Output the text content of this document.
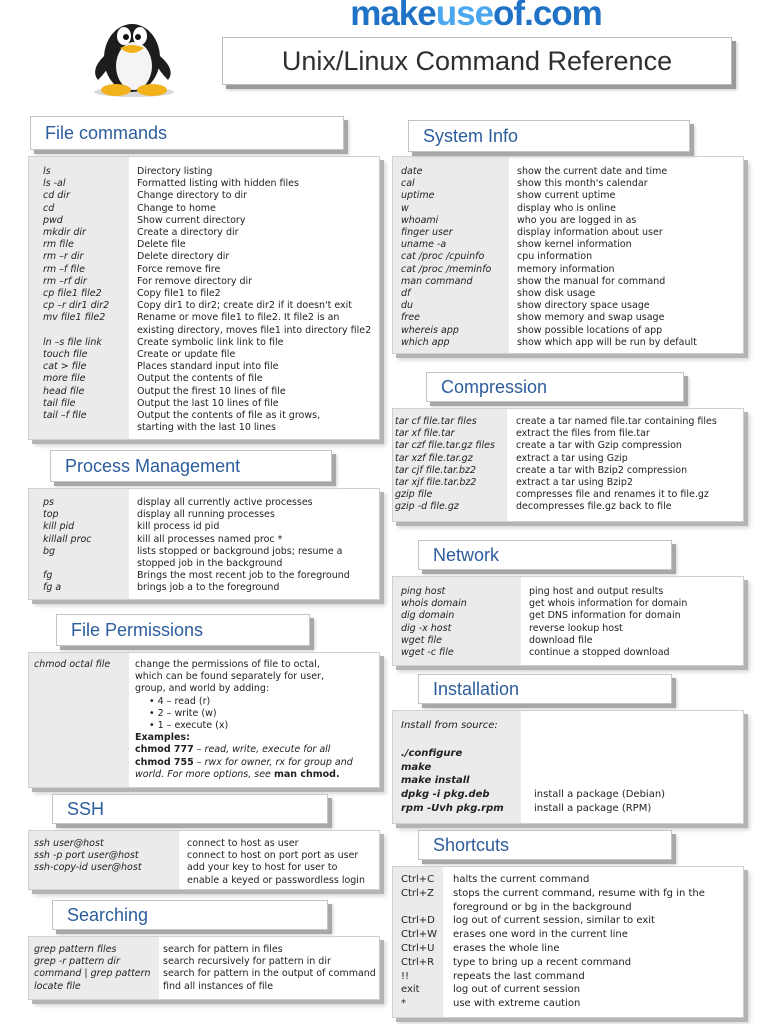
makeuseof.com
Unix/Linux Command Reference
File commands
ls	Directory listing
ls -al	Formatted listing with hidden files
cd dir	Change directory to dir
cd	Change to home
pwd	Show current directory
mkdir dir	Create a directory dir
rm file	Delete file
rm –r dir	Delete directory dir
rm –f file	Force remove fire
rm –rf dir	For remove directory dir
cp file1 file2	Copy file1 to file2
cp –r dir1 dir2	Copy dir1 to dir2; create dir2 if it doesn't exit
mv file1 file2	Rename or move file1 to file2. It file2 is an
existing directory, moves file1 into directory file2
ln –s file link	Create symbolic link link to file
touch file	Create or update file
cat > file	Places standard input into file
more file	Output the contents of file
head file	Output the firest 10 lines of file
tail file	Output the last 10 lines of file
tail –f file	Output the contents of file as it grows,
starting with the last 10 lines
Process Management
ps	display all currently active processes
top	display all running processes
kill pid	kill process id pid
killall proc	kill all processes named proc *
bg	lists stopped or background jobs; resume a
stopped job in the background
fg	Brings the most recent job to the foreground
fg a	brings job a to the foreground
File Permissions
chmod octal file	change the permissions of file to octal,
which can be found separately for user,
group, and world by adding:
• 4 – read (r)
• 2 – write (w)
• 1 – execute (x)
Examples:
chmod 777 – read, write, execute for all
chmod 755 – rwx for owner, rx for group and
world. For more options, see man chmod.
SSH
ssh user@host	connect to host as user
ssh -p port user@host	connect to host on port port as user
ssh-copy-id user@host	add your key to host for user to
enable a keyed or passwordless login
Searching
grep pattern files	search for pattern in files
grep -r pattern dir	search recursively for pattern in dir
command | grep pattern	search for pattern in the output of command
locate file	find all instances of file
System Info
date	show the current date and time
cal	show this month's calendar
uptime	show current uptime
w	display who is online
whoami	who you are logged in as
finger user	display information about user
uname -a	show kernel information
cat /proc /cpuinfo	cpu information
cat /proc /meminfo	memory information
man command	show the manual for command
df	show disk usage
du	show directory space usage
free	show memory and swap usage
whereis app	show possible locations of app
which app	show which app will be run by default
Compression
tar cf file.tar files	create a tar named file.tar containing files
tar xf file.tar	extract the files from file.tar
tar czf file.tar.gz files	create a tar with Gzip compression
tar xzf file.tar.gz	extract a tar using Gzip
tar cjf file.tar.bz2	create a tar with Bzip2 compression
tar xjf file.tar.bz2	extract a tar using Bzip2
gzip file	compresses file and renames it to file.gz
gzip -d file.gz	decompresses file.gz back to file
Network
ping host	ping host and output results
whois domain	get whois information for domain
dig domain	get DNS information for domain
dig -x host	reverse lookup host
wget file	download file
wget -c file	continue a stopped download
Installation
Install from source:
./configure
make
make install
dpkg -i pkg.deb	install a package (Debian)
rpm -Uvh pkg.rpm	install a package (RPM)
Shortcuts
Ctrl+C	halts the current command
Ctrl+Z	stops the current command, resume with fg in the
foreground or bg in the background
Ctrl+D	log out of current session, similar to exit
Ctrl+W	erases one word in the current line
Ctrl+U	erases the whole line
Ctrl+R	type to bring up a recent command
!!	repeats the last command
exit	log out of current session
*	use with extreme caution
